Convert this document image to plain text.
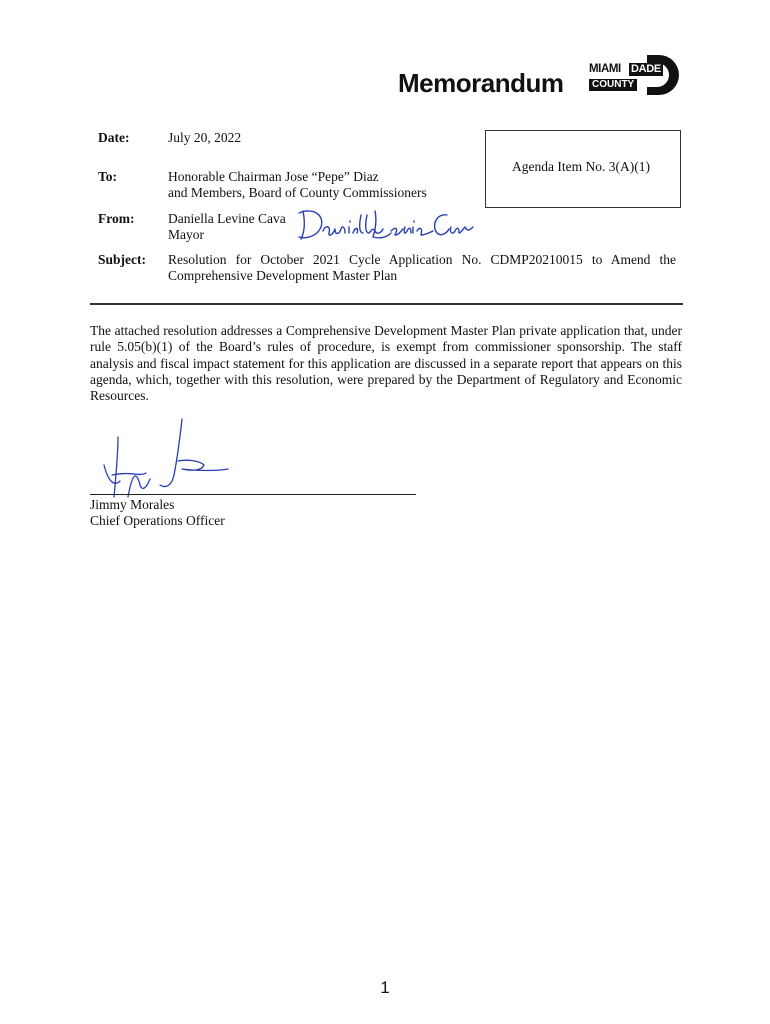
Memorandum MIAMI DADE
COUNTY
Date:	July 20, 2022
Agenda Item No. 3(A)(1)
To:	Honorable Chairman Jose “Pepe” Diaz
and Members, Board of County Commissioners
From: Daniella Levine Cava
Mayor
Subject: Resolution for October 2021 Cycle Application No. CDMP20210015 to Amend the
Comprehensive Development Master Plan
The attached resolution addresses a Comprehensive Development Master Plan private application that, under rule 5.05(b)(1) of the Board’s rules of procedure, is exempt from commissioner sponsorship. The staff analysis and fiscal impact statement for this application are discussed in a separate report that appears on this agenda, which, together with this resolution, were prepared by the Department of Regulatory and Economic Resources.
Jimmy Morales
Chief Operations Officer
1
